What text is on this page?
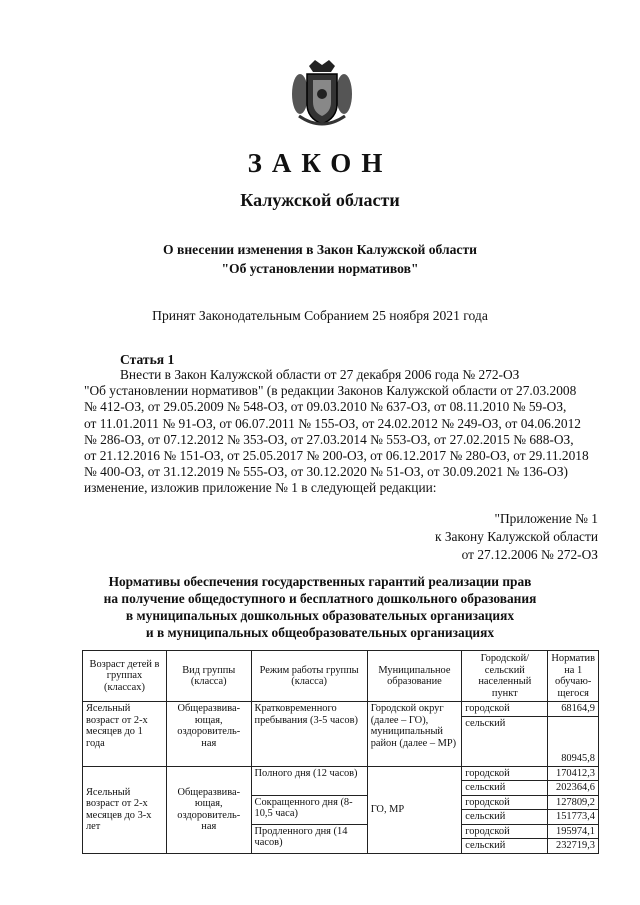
ЗАКОН
Калужской области
О внесении изменения в Закон Калужской области
"Об установлении нормативов"
Принят Законодательным Собранием 25 ноября 2021 года
Статья 1
Внести в Закон Калужской области от 27 декабря 2006 года № 272-ОЗ
"Об установлении нормативов" (в редакции Законов Калужской области от 27.03.2008
№ 412-ОЗ, от 29.05.2009 № 548-ОЗ, от 09.03.2010 № 637-ОЗ, от 08.11.2010 № 59-ОЗ,
от 11.01.2011 № 91-ОЗ, от 06.07.2011 № 155-ОЗ, от 24.02.2012 № 249-ОЗ, от 04.06.2012
№ 286-ОЗ, от 07.12.2012 № 353-ОЗ, от 27.03.2014 № 553-ОЗ, от 27.02.2015 № 688-ОЗ,
от 21.12.2016 № 151-ОЗ, от 25.05.2017 № 200-ОЗ, от 06.12.2017 № 280-ОЗ, от 29.11.2018
№ 400-ОЗ, от 31.12.2019 № 555-ОЗ, от 30.12.2020 № 51-ОЗ, от 30.09.2021 № 136-ОЗ)
изменение, изложив приложение № 1 в следующей редакции:
"Приложение № 1
к Закону Калужской области
от 27.12.2006 № 272-ОЗ
Нормативы обеспечения государственных гарантий реализации прав
на получение общедоступного и бесплатного дошкольного образования
в муниципальных дошкольных образовательных организациях
и в муниципальных общеобразовательных организациях
Возраст детей в группах (классах)	Вид группы (класса)	Режим работы группы (класса)	Муниципальное образование	Городской/ сельский населенный пункт	Норматив на 1 обучаю-щегося
Ясельный возраст от 2-х месяцев до 1 года	Общеразвива-ющая, оздоровитель-ная	Кратковременного пребывания (3-5 часов)	Городской округ (далее – ГО), муниципальный район (далее – МР)	городской	68164,9
				сельский	80945,8
Ясельный возраст от 2-х месяцев до 3-х лет	Общеразвива-ющая, оздоровитель-ная	Полного дня (12 часов)	ГО, МР	городской	170412,3
				сельский	202364,6
		Сокращенного дня (8-10,5 часа)		городской	127809,2
				сельский	151773,4
		Продленного дня (14 часов)		городской	195974,1
				сельский	232719,3
